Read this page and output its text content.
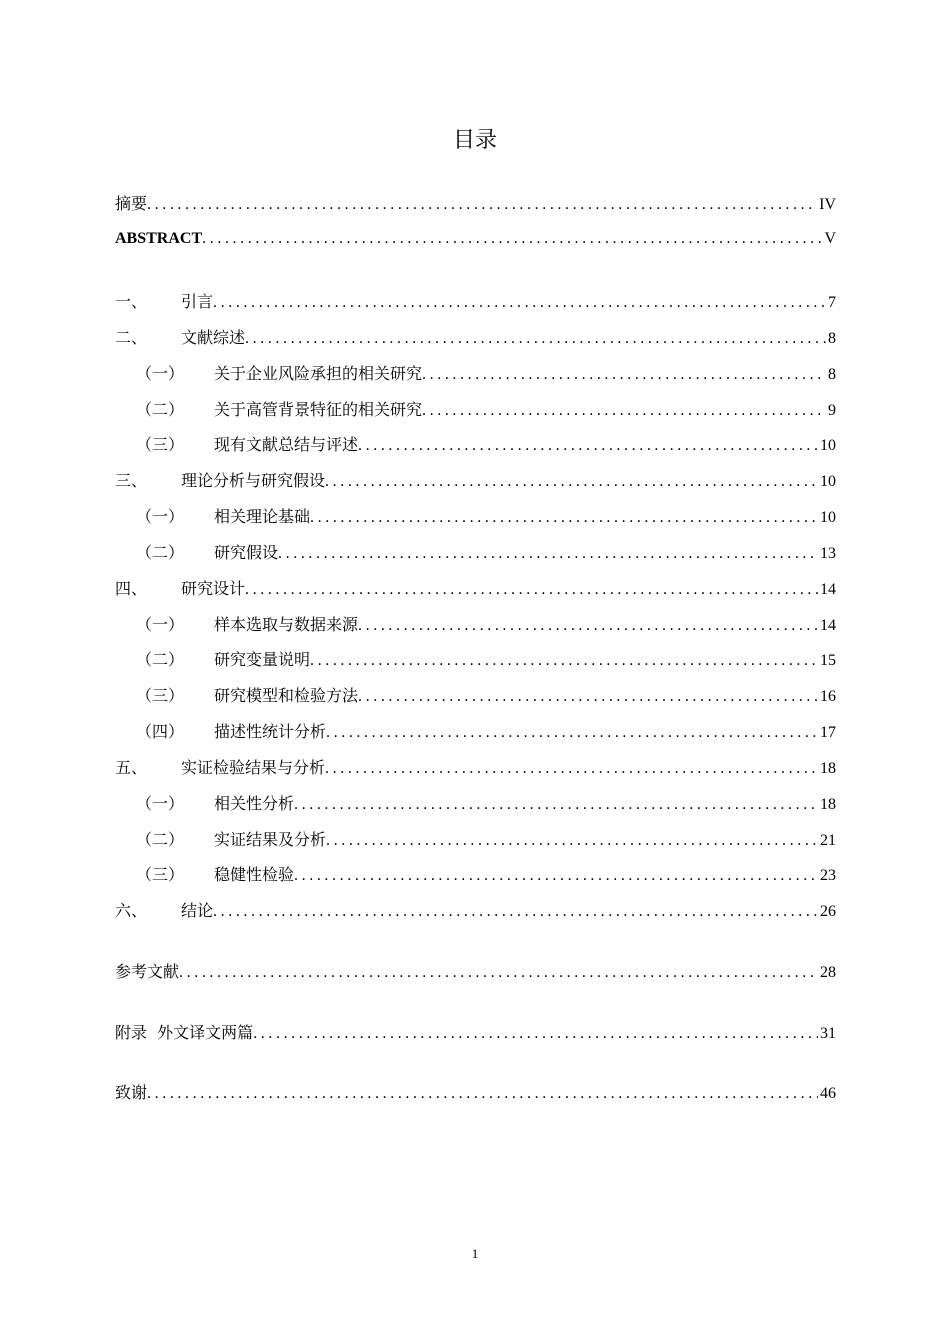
目录
摘要 .....	IV
ABSTRACT .....	V
一、	引言 .....	7
二、	文献综述 .....	8
（一）	关于企业风险承担的相关研究 .....	8
（二）	关于高管背景特征的相关研究 .....	9
（三）	现有文献总结与评述 .....	10
三、	理论分析与研究假设 .....	10
（一）	相关理论基础 .....	10
（二）	研究假设 .....	13
四、	研究设计 .....	14
（一）	样本选取与数据来源 .....	14
（二）	研究变量说明 .....	15
（三）	研究模型和检验方法 .....	16
（四）	描述性统计分析 .....	17
五、	实证检验结果与分析 .....	18
（一）	相关性分析 .....	18
（二）	实证结果及分析 .....	21
（三）	稳健性检验 .....	23
六、	结论 .....	26
参考文献 .....	28
附录  外文译文两篇 .....	31
致谢 .....	46
1
